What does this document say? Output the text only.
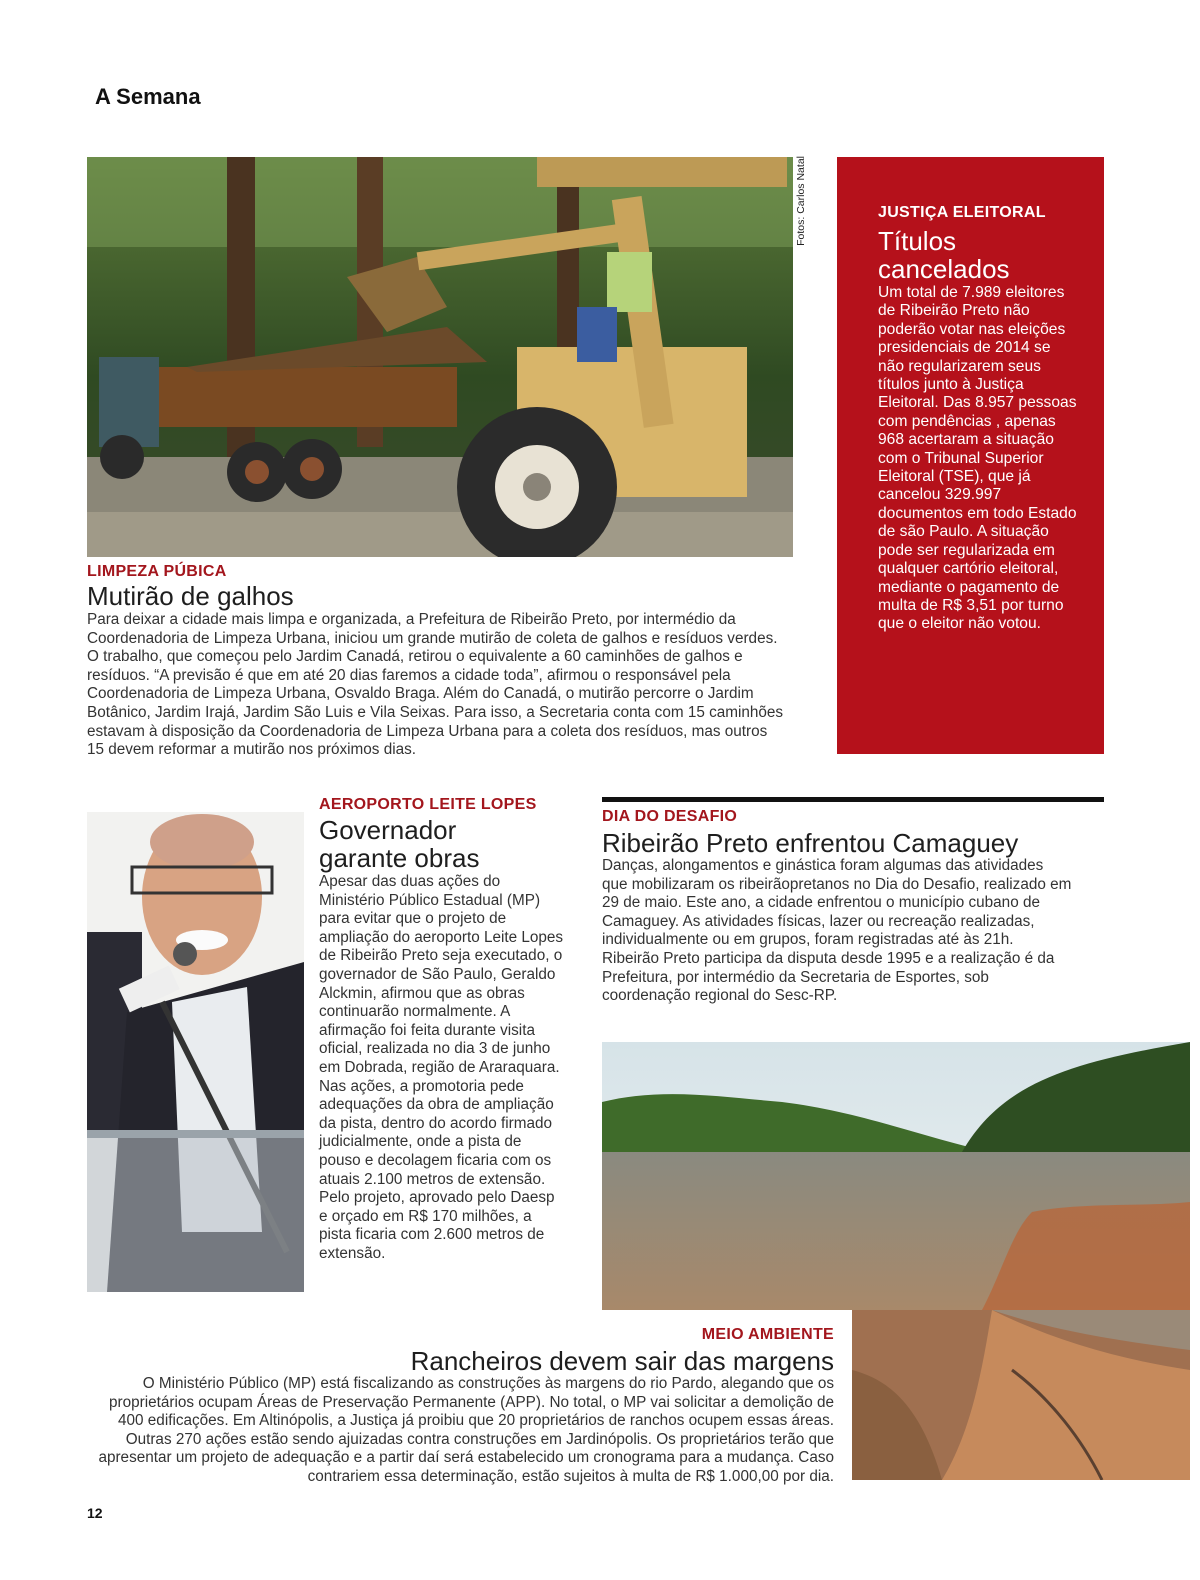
A Semana
Fotos: Carlos Natal
LIMPEZA PÚBICA
Mutirão de galhos
Para deixar a cidade mais limpa e organizada, a Prefeitura de Ribeirão Preto, por intermédio da Coordenadoria de Limpeza Urbana, iniciou um grande mutirão de coleta de galhos e resíduos verdes. O trabalho, que começou pelo Jardim Canadá, retirou o equivalente a 60 caminhões de galhos e resíduos. “A previsão é que em até 20 dias faremos a cidade toda”, afirmou o responsável pela Coordenadoria de Limpeza Urbana, Osvaldo Braga. Além do Canadá, o mutirão percorre o Jardim Botânico, Jardim Irajá, Jardim São Luis e Vila Seixas. Para isso, a Secretaria conta com 15 caminhões estavam à disposição da Coordenadoria de Limpeza Urbana para a coleta dos resíduos, mas outros 15 devem reformar a mutirão nos próximos dias.
JUSTIÇA ELEITORAL
Títulos cancelados
Um total de 7.989 eleitores de Ribeirão Preto não poderão votar nas eleições presidenciais de 2014 se não regularizarem seus títulos junto à Justiça Eleitoral. Das 8.957 pessoas com pendências , apenas 968 acertaram a situação com o Tribunal Superior Eleitoral (TSE), que já cancelou 329.997 documentos em todo Estado de são Paulo. A situação pode ser regularizada em qualquer cartório eleitoral, mediante o pagamento de multa de R$ 3,51 por turno que o eleitor não votou.
AEROPORTO LEITE LOPES
Governador garante obras
Apesar das duas ações do Ministério Público Estadual (MP) para evitar que o projeto de ampliação do aeroporto Leite Lopes de Ribeirão Preto seja executado, o governador de São Paulo, Geraldo Alckmin, afirmou que as obras continuarão normalmente. A afirmação foi feita durante visita oficial, realizada no dia 3 de junho em Dobrada, região de Araraquara. Nas ações, a promotoria pede adequações da obra de ampliação da pista, dentro do acordo firmado judicialmente, onde a pista de pouso e decolagem ficaria com os atuais 2.100 metros de extensão. Pelo projeto, aprovado pelo Daesp e orçado em R$ 170 milhões, a pista ficaria com 2.600 metros de extensão.
DIA DO DESAFIO
Ribeirão Preto enfrentou Camaguey
Danças, alongamentos e ginástica foram algumas das atividades que mobilizaram os ribeirãopretanos no Dia do Desafio, realizado em 29 de maio. Este ano, a cidade enfrentou o município cubano de Camaguey. As atividades físicas, lazer ou recreação realizadas, individualmente ou em grupos, foram registradas até às 21h. Ribeirão Preto participa da disputa desde 1995 e a realização é da Prefeitura, por intermédio da Secretaria de Esportes, sob coordenação regional do Sesc-RP.
MEIO AMBIENTE
Rancheiros devem sair das margens
O Ministério Público (MP) está fiscalizando as construções às margens do rio Pardo, alegando que os proprietários ocupam Áreas de Preservação Permanente (APP). No total, o MP vai solicitar a demolição de 400 edificações. Em Altinópolis, a Justiça já proibiu que 20 proprietários de ranchos ocupem essas áreas. Outras 270 ações estão sendo ajuizadas contra construções em Jardinópolis. Os proprietários terão que apresentar um projeto de adequação e a partir daí será estabelecido um cronograma para a mudança. Caso contrariem essa determinação, estão sujeitos à multa de R$ 1.000,00 por dia.
12
